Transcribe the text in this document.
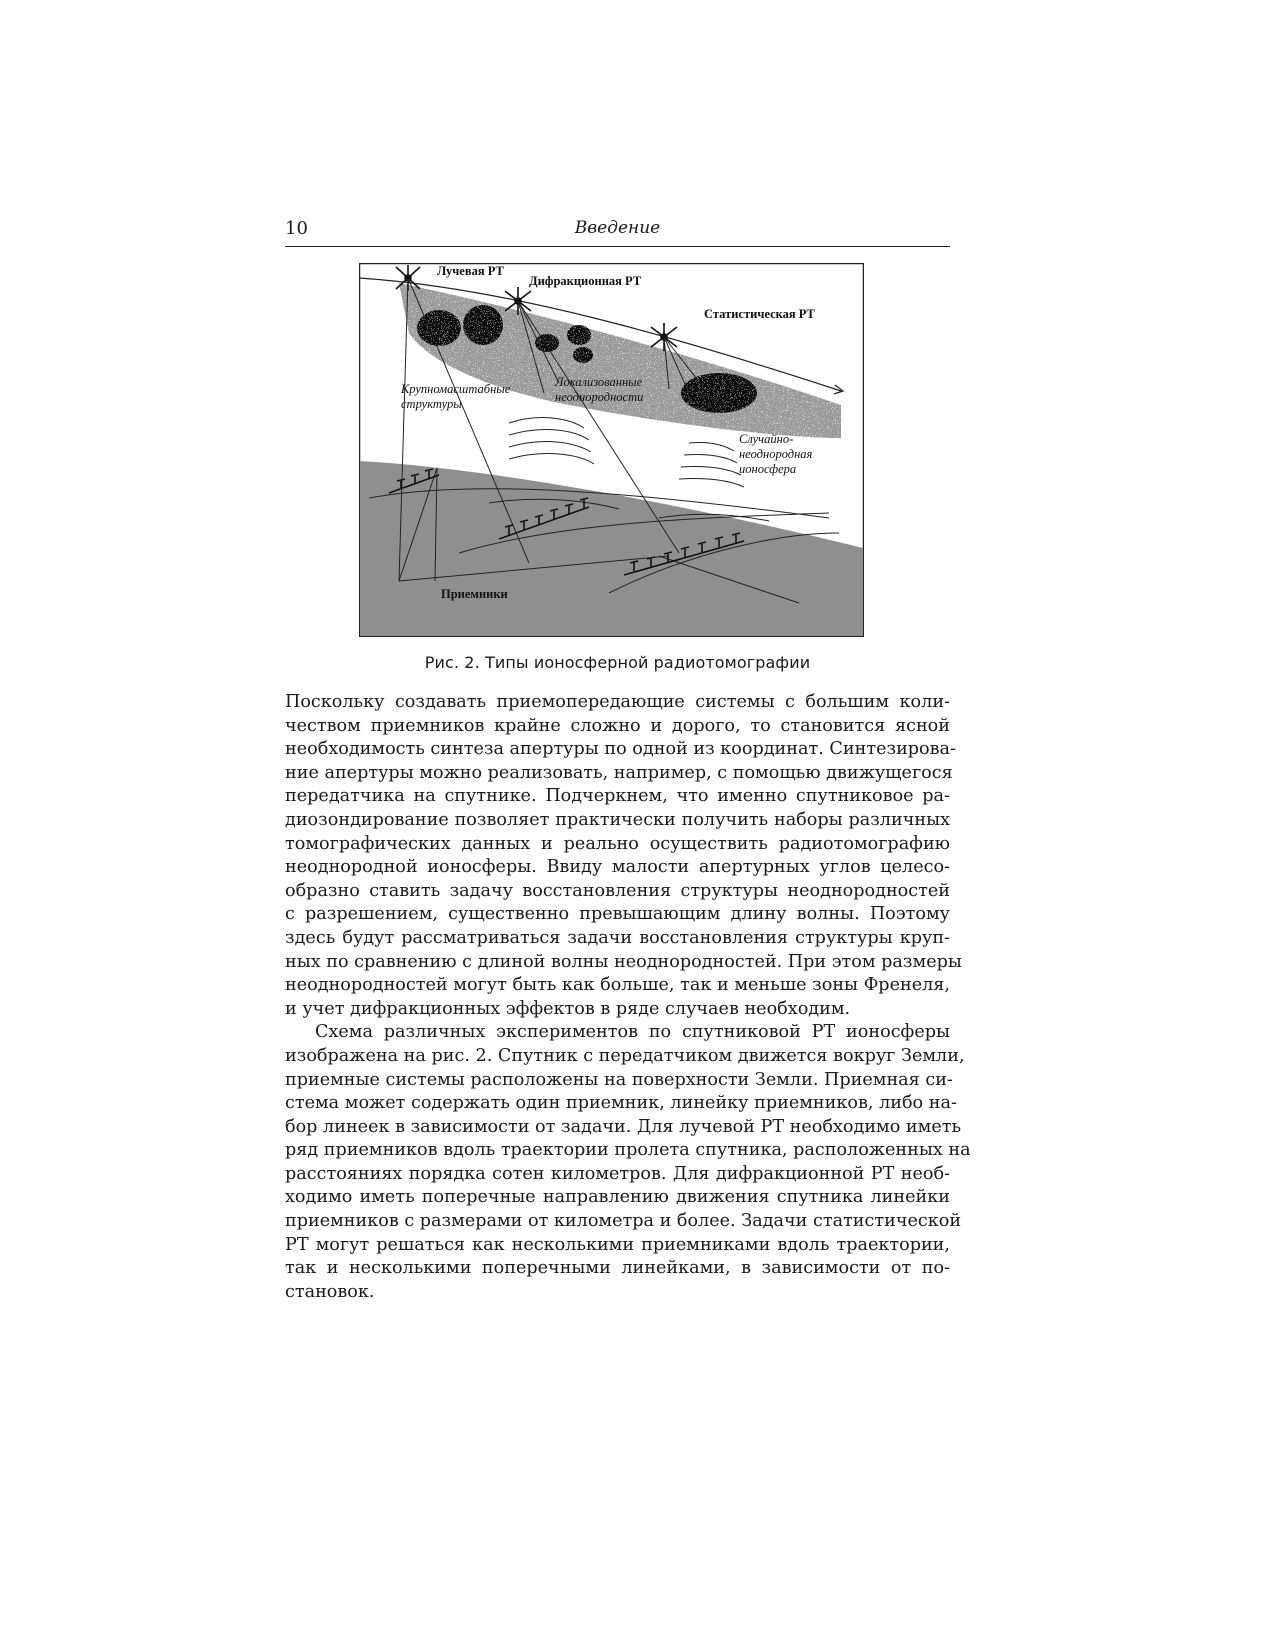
10	Введение
Лучевая РТ
Дифракционная РТ
Статистическая РТ
Крупномасштабные
структуры
Локализованные
неоднородности
Случайно-
неоднородная
ионосфера
Приемники
Рис. 2. Типы ионосферной радиотомографии
Поскольку создавать приемопередающие системы с большим коли-
чеством приемников крайне сложно и дорого, то становится ясной
необходимость синтеза апертуры по одной из координат. Синтезирова-
ние апертуры можно реализовать, например, с помощью движущегося
передатчика на спутнике. Подчеркнем, что именно спутниковое ра-
диозондирование позволяет практически получить наборы различных
томографических данных и реально осуществить радиотомографию
неоднородной ионосферы. Ввиду малости апертурных углов целесо-
образно ставить задачу восстановления структуры неоднородностей
с разрешением, существенно превышающим длину волны. Поэтому
здесь будут рассматриваться задачи восстановления структуры круп-
ных по сравнению с длиной волны неоднородностей. При этом размеры
неоднородностей могут быть как больше, так и меньше зоны Френеля,
и учет дифракционных эффектов в ряде случаев необходим.
Схема различных экспериментов по спутниковой РТ ионосферы
изображена на рис. 2. Спутник с передатчиком движется вокруг Земли,
приемные системы расположены на поверхности Земли. Приемная си-
стема может содержать один приемник, линейку приемников, либо на-
бор линеек в зависимости от задачи. Для лучевой РТ необходимо иметь
ряд приемников вдоль траектории пролета спутника, расположенных на
расстояниях порядка сотен километров. Для дифракционной РТ необ-
ходимо иметь поперечные направлению движения спутника линейки
приемников с размерами от километра и более. Задачи статистической
РТ могут решаться как несколькими приемниками вдоль траектории,
так и несколькими поперечными линейками, в зависимости от по-
становок.
